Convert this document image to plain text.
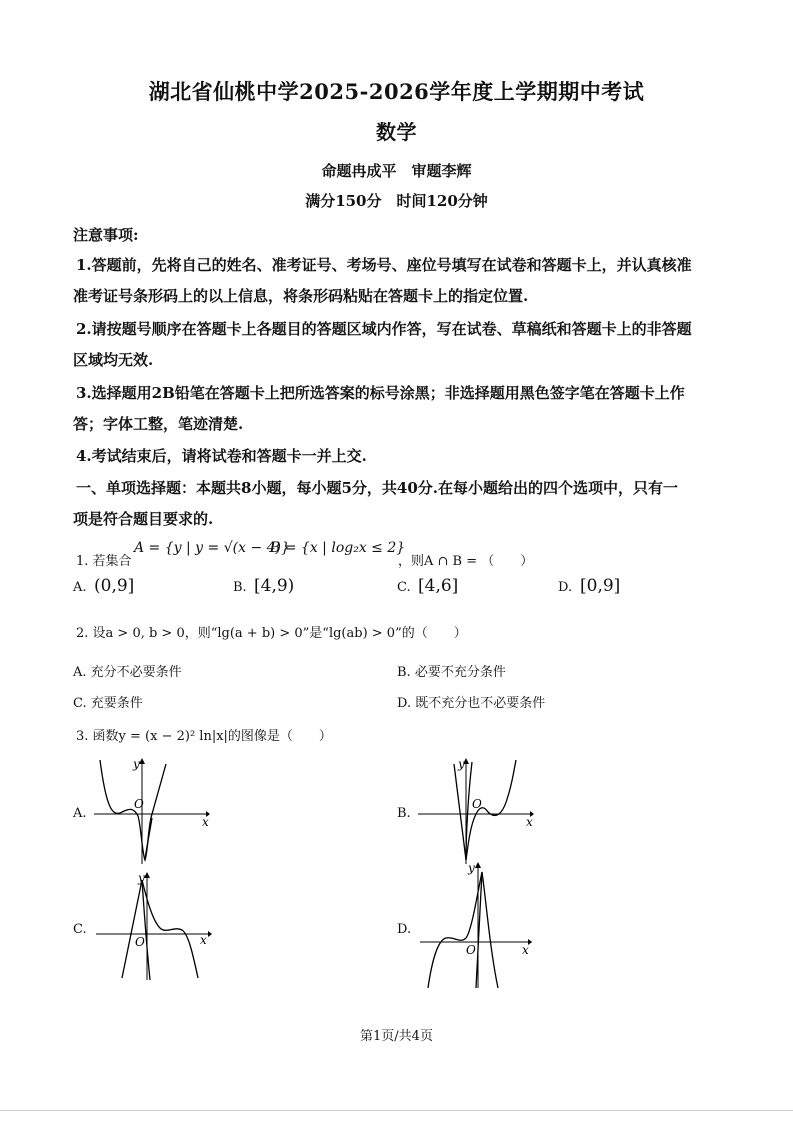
湖北省仙桃中学2025-2026学年度上学期期中考试
数学
命题冉成平　审题李辉
满分150分　时间120分钟
注意事项:
1.答题前，先将自己的姓名、准考证号、考场号、座位号填写在试卷和答题卡上，并认真核准
准考证号条形码上的以上信息，将条形码粘贴在答题卡上的指定位置.
2.请按题号顺序在答题卡上各题目的答题区域内作答，写在试卷、草稿纸和答题卡上的非答题
区域均无效.
3.选择题用2B铅笔在答题卡上把所选答案的标号涂黑；非选择题用黑色签字笔在答题卡上作
答；字体工整，笔迹清楚.
4.考试结束后，请将试卷和答题卡一并上交.
一、单项选择题：本题共8小题，每小题5分，共40分.在每小题给出的四个选项中，只有一
项是符合题目要求的.
1. 若集合
A = {y | y = √(x − 4)}
B = {x | log₂x ≤ 2}
，则A ∩ B = （　　）
A. (0,9]	B. [4,9)	C. [4,6]	D. [0,9]
2. 设a > 0, b > 0，则“lg(a + b) > 0”是“lg(ab) > 0”的（　　）
A. 充分不必要条件	B. 必要不充分条件
C. 充要条件	D. 既不充分也不必要条件
3. 函数y = (x − 2)² ln|x|的图像是（　　）
A.
x
y
O
B.
x
y
O
C.
x
y
O
D.
x
y
O
第1页/共4页
